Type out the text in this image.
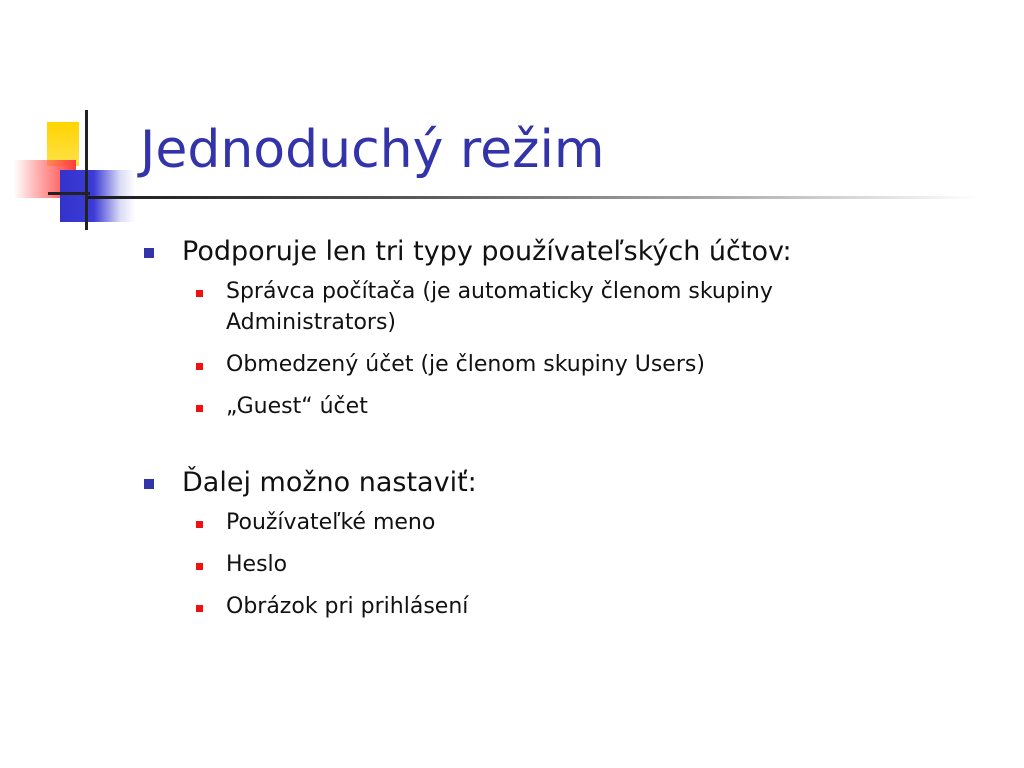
Jednoduchý režim
Podporuje len tri typy používateľských účtov:
Správca počítača (je automaticky členom skupiny Administrators)
Obmedzený účet (je členom skupiny Users)
„Guest“ účet
Ďalej možno nastaviť:
Používateľké meno
Heslo
Obrázok pri prihlásení
